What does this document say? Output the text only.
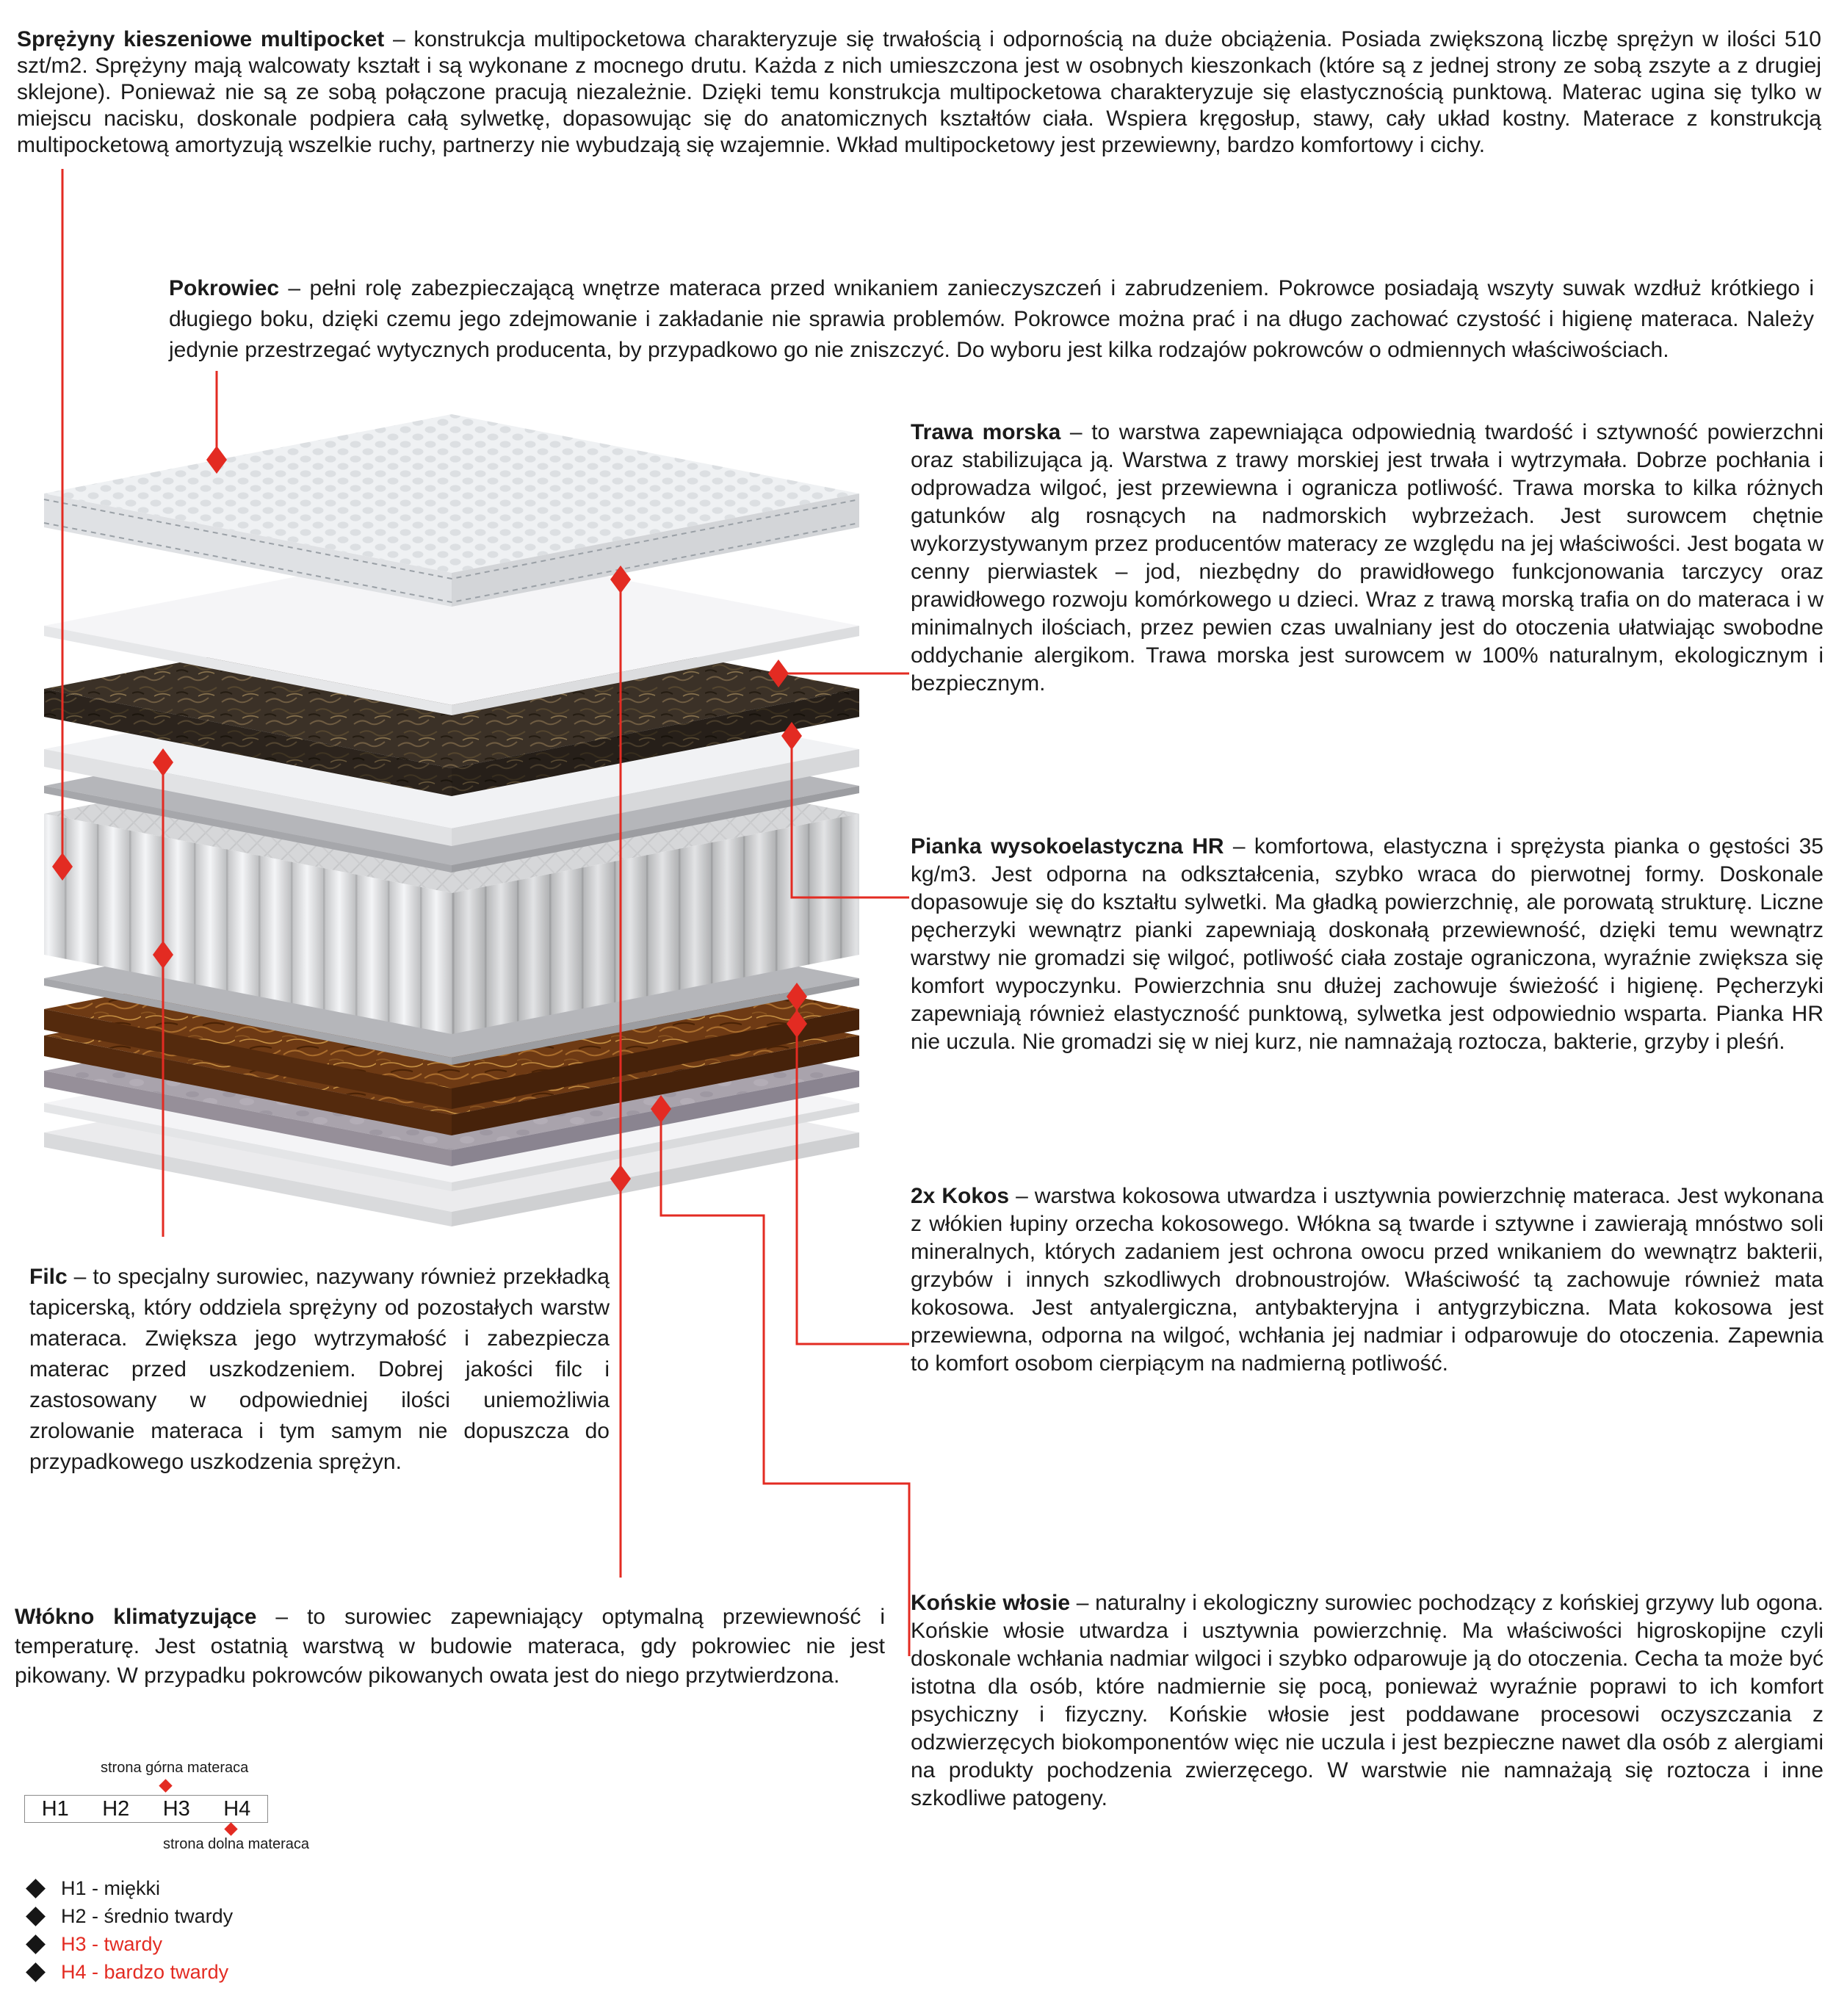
Sprężyny kieszeniowe multipocket – konstrukcja multipocketowa charakteryzuje się trwałością i odpornością na duże obciążenia. Posiada zwiększoną liczbę sprężyn w ilości 510 szt/m2. Sprężyny mają walcowaty kształt i są wykonane z mocnego drutu. Każda z nich umieszczona jest w osobnych kieszonkach (które są z jednej strony ze sobą zszyte a z drugiej sklejone). Ponieważ nie są ze sobą połączone pracują niezależnie. Dzięki temu konstrukcja multipocketowa charakteryzuje się elastycznością punktową. Materac ugina się tylko w miejscu nacisku, doskonale podpiera całą sylwetkę, dopasowując się do anatomicznych kształtów ciała. Wspiera kręgosłup, stawy, cały układ kostny. Materace z konstrukcją multipocketową amortyzują wszelkie ruchy, partnerzy nie wybudzają się wzajemnie. Wkład multipocketowy jest przewiewny, bardzo komfortowy i cichy.

Pokrowiec – pełni rolę zabezpieczającą wnętrze materaca przed wnikaniem zanieczyszczeń i zabrudzeniem. Pokrowce posiadają wszyty suwak wzdłuż krótkiego i długiego boku, dzięki czemu jego zdejmowanie i zakładanie nie sprawia problemów. Pokrowce można prać i na długo zachować czystość i higienę materaca. Należy jedynie przestrzegać wytycznych producenta, by przypadkowo go nie zniszczyć. Do wyboru jest kilka rodzajów pokrowców o odmiennych właściwościach.

Trawa morska – to warstwa zapewniająca odpowiednią twardość i sztywność powierzchni oraz stabilizująca ją. Warstwa z trawy morskiej jest trwała i wytrzymała. Dobrze pochłania i odprowadza wilgoć, jest przewiewna i ogranicza potliwość. Trawa morska to kilka różnych gatunków alg rosnących na nadmorskich wybrzeżach. Jest surowcem chętnie wykorzystywanym przez producentów materacy ze względu na jej właściwości. Jest bogata w cenny pierwiastek – jod, niezbędny do prawidłowego funkcjonowania tarczycy oraz prawidłowego rozwoju komórkowego u dzieci. Wraz z trawą morską trafia on do materaca i w minimalnych ilościach, przez pewien czas uwalniany jest do otoczenia ułatwiając swobodne oddychanie alergikom. Trawa morska jest surowcem w 100% naturalnym, ekologicznym i bezpiecznym.

Pianka wysokoelastyczna HR – komfortowa, elastyczna i sprężysta pianka o gęstości 35 kg/m3. Jest odporna na odkształcenia, szybko wraca do pierwotnej formy. Doskonale dopasowuje się do kształtu sylwetki. Ma gładką powierzchnię, ale porowatą strukturę. Liczne pęcherzyki wewnątrz pianki zapewniają doskonałą przewiewność, dzięki temu wewnątrz warstwy nie gromadzi się wilgoć, potliwość ciała zostaje ograniczona, wyraźnie zwiększa się komfort wypoczynku. Powierzchnia snu dłużej zachowuje świeżość i higienę. Pęcherzyki zapewniają również elastyczność punktową, sylwetka jest odpowiednio wsparta. Pianka HR nie uczula. Nie gromadzi się w niej kurz, nie namnażają roztocza, bakterie, grzyby i pleśń.

2x Kokos – warstwa kokosowa utwardza i usztywnia powierzchnię materaca. Jest wykonana z włókien łupiny orzecha kokosowego. Włókna są twarde i sztywne i zawierają mnóstwo soli mineralnych, których zadaniem jest ochrona owocu przed wnikaniem do wewnątrz bakterii, grzybów i innych szkodliwych drobnoustrojów. Właściwość tą zachowuje również mata kokosowa. Jest antyalergiczna, antybakteryjna i antygrzybiczna. Mata kokosowa jest przewiewna, odporna na wilgoć, wchłania jej nadmiar i odparowuje do otoczenia. Zapewnia to komfort osobom cierpiącym na nadmierną potliwość.

Końskie włosie – naturalny i ekologiczny surowiec pochodzący z końskiej grzywy lub ogona. Końskie włosie utwardza i usztywnia powierzchnię. Ma właściwości higroskopijne czyli doskonale wchłania nadmiar wilgoci i szybko odparowuje ją do otoczenia. Cecha ta może być istotna dla osób, które nadmiernie się pocą, ponieważ wyraźnie poprawi to ich komfort psychiczny i fizyczny. Końskie włosie jest poddawane procesowi oczyszczania z odzwierzęcych biokomponentów więc nie uczula i jest bezpieczne nawet dla osób z alergiami na produkty pochodzenia zwierzęcego. W warstwie nie namnażają się roztocza i inne szkodliwe patogeny.

Filc – to specjalny surowiec, nazywany również przekładką tapicerską, który oddziela sprężyny od pozostałych warstw materaca. Zwiększa jego wytrzymałość i zabezpiecza materac przed uszkodzeniem. Dobrej jakości filc i zastosowany w odpowiedniej ilości uniemożliwia zrolowanie materaca i tym samym nie dopuszcza do przypadkowego uszkodzenia sprężyn.

Włókno klimatyzujące – to surowiec zapewniający optymalną przewiewność i temperaturę. Jest ostatnią warstwą w budowie materaca, gdy pokrowiec nie jest pikowany. W przypadku pokrowców pikowanych owata jest do niego przytwierdzona.

strona górna materaca
H1	H2	H3	H4
strona dolna materaca
H1 - miękki
H2 - średnio twardy
H3 - twardy
H4 - bardzo twardy
